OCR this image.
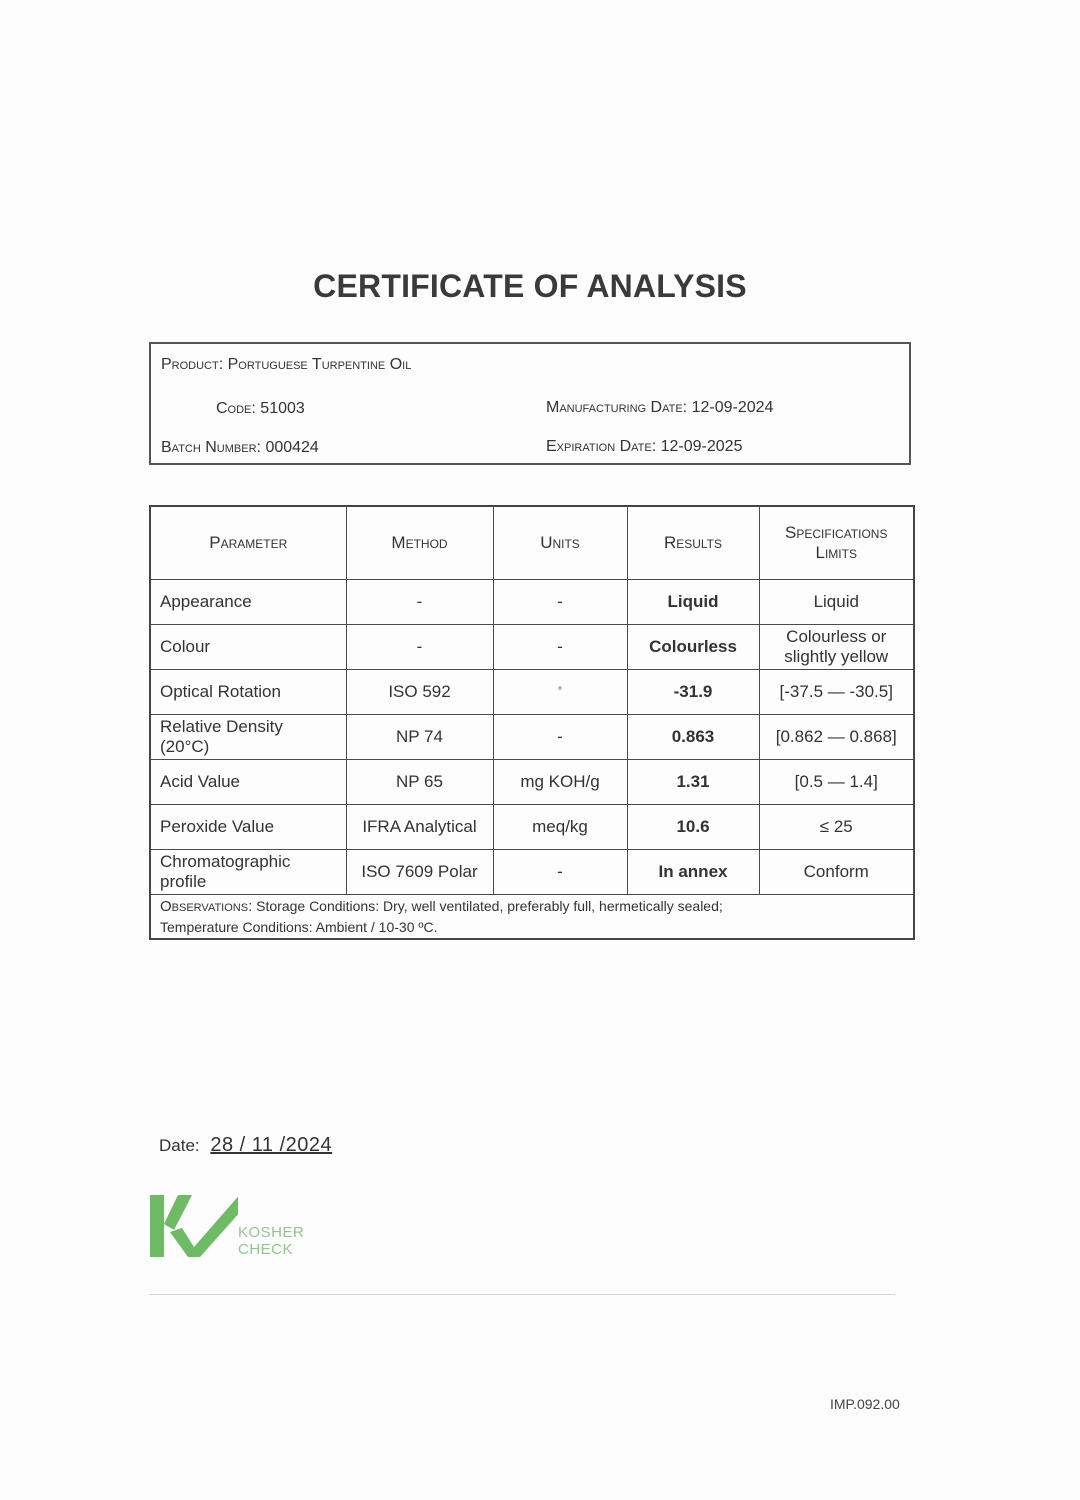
CERTIFICATE OF ANALYSIS
Product: Portuguese Turpentine Oil
Code: 51003	Manufacturing Date: 12-09-2024
Batch Number: 000424	Expiration Date: 12-09-2025
Parameter	Method	Units	Results	Specifications Limits
Appearance	-	-	Liquid	Liquid
Colour	-	-	Colourless	Colourless or slightly yellow
Optical Rotation	ISO 592	°	-31.9	[-37.5 — -30.5]
Relative Density (20°C)	NP 74	-	0.863	[0.862 — 0.868]
Acid Value	NP 65	mg KOH/g	1.31	[0.5 — 1.4]
Peroxide Value	IFRA Analytical	meq/kg	10.6	≤ 25
Chromatographic profile	ISO 7609 Polar	-	In annex	Conform
Observations: Storage Conditions: Dry, well ventilated, preferably full, hermetically sealed;
Temperature Conditions: Ambient / 10-30 ºC.				
Date: 28 / 11 /2024
KOSHER
CHECK
IMP.092.00
